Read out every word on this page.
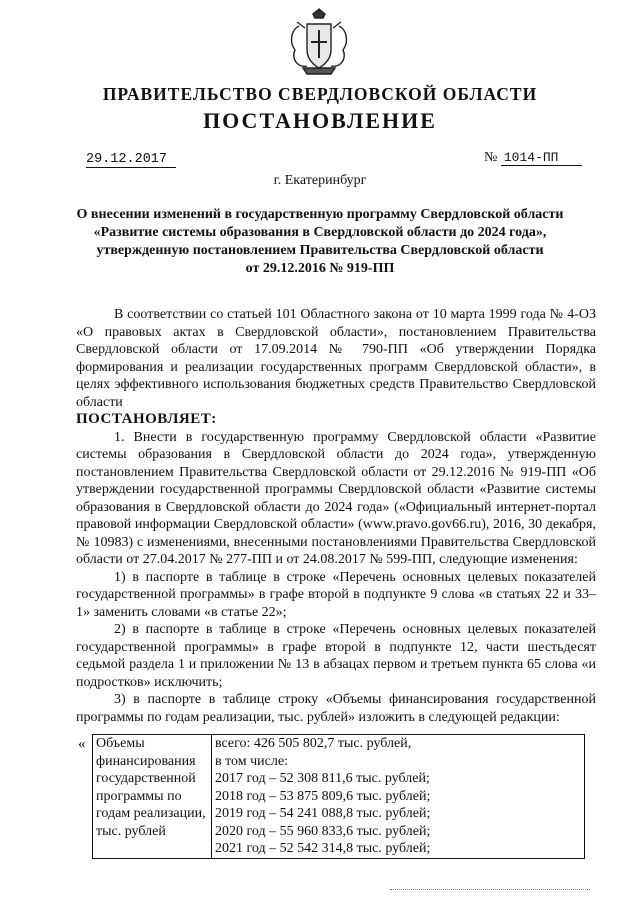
ПРАВИТЕЛЬСТВО СВЕРДЛОВСКОЙ ОБЛАСТИ
ПОСТАНОВЛЕНИЕ
29.12.2017	№ 1014-ПП
г. Екатеринбург
О внесении изменений в государственную программу Свердловской области
«Развитие системы образования в Свердловской области до 2024 года»,
утвержденную постановлением Правительства Свердловской области
от 29.12.2016 № 919-ПП

В соответствии со статьей 101 Областного закона от 10 марта 1999 года № 4-ОЗ «О правовых актах в Свердловской области», постановлением Правительства Свердловской области от 17.09.2014 № 790-ПП «Об утверждении Порядка формирования и реализации государственных программ Свердловской области», в целях эффективного использования бюджетных средств Правительство Свердловской области

ПОСТАНОВЛЯЕТ:

1. Внести в государственную программу Свердловской области «Развитие системы образования в Свердловской области до 2024 года», утвержденную постановлением Правительства Свердловской области от 29.12.2016 № 919-ПП «Об утверждении государственной программы Свердловской области «Развитие системы образования в Свердловской области до 2024 года» («Официальный интернет-портал правовой информации Свердловской области» (www.pravo.gov66.ru), 2016, 30 декабря, № 10983) с изменениями, внесенными постановлениями Правительства Свердловской области от 27.04.2017 № 277-ПП и от 24.08.2017 № 599-ПП, следующие изменения:

1) в паспорте в таблице в строке «Перечень основных целевых показателей государственной программы» в графе второй в подпункте 9 слова «в статьях 22 и 33–1» заменить словами «в статье 22»;

2) в паспорте в таблице в строке «Перечень основных целевых показателей государственной программы» в графе второй в подпункте 12, части шестьдесят седьмой раздела 1 и приложении № 13 в абзацах первом и третьем пункта 65 слова «и подростков» исключить;

3) в паспорте в таблице строку «Объемы финансирования государственной программы по годам реализации, тыс. рублей» изложить в следующей редакции:

« Объемы
финансирования
государственной
программы по
годам реализации,
тыс. рублей

всего: 426 505 802,7 тыс. рублей,
в том числе:
2017 год – 52 308 811,6 тыс. рублей;
2018 год – 53 875 809,6 тыс. рублей;
2019 год – 54 241 088,8 тыс. рублей;
2020 год – 55 960 833,6 тыс. рублей;
2021 год – 52 542 314,8 тыс. рублей;
